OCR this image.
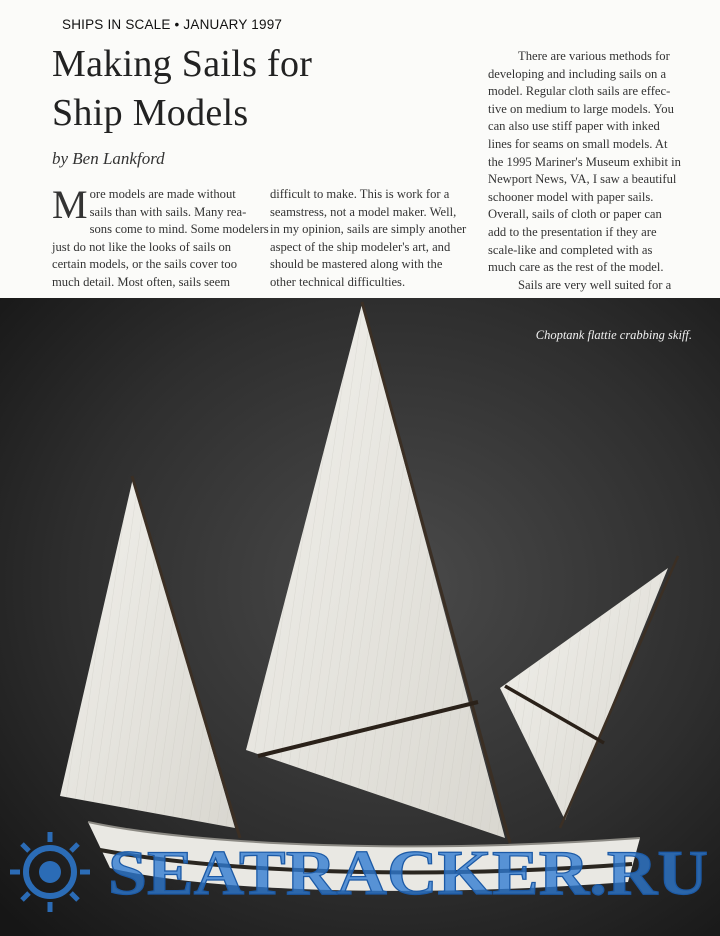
SHIPS IN SCALE • JANUARY 1997
Making Sails for
Ship Models
by Ben Lankford
M ore models are made without
sails than with sails. Many rea-
sons come to mind. Some modelers
just do not like the looks of sails on
certain models, or the sails cover too
much detail. Most often, sails seem
difficult to make. This is work for a
seamstress, not a model maker. Well,
in my opinion, sails are simply another
aspect of the ship modeler's art, and
should be mastered along with the
other technical difficulties.
There are various methods for
developing and including sails on a
model. Regular cloth sails are effec-
tive on medium to large models. You
can also use stiff paper with inked
lines for seams on small models. At
the 1995 Mariner's Museum exhibit in
Newport News, VA, I saw a beautiful
schooner model with paper sails.
Overall, sails of cloth or paper can
add to the presentation if they are
scale-like and completed with as
much care as the rest of the model.
Sails are very well suited for a
Choptank flattie crabbing skiff.
SEATRACKER.RU
